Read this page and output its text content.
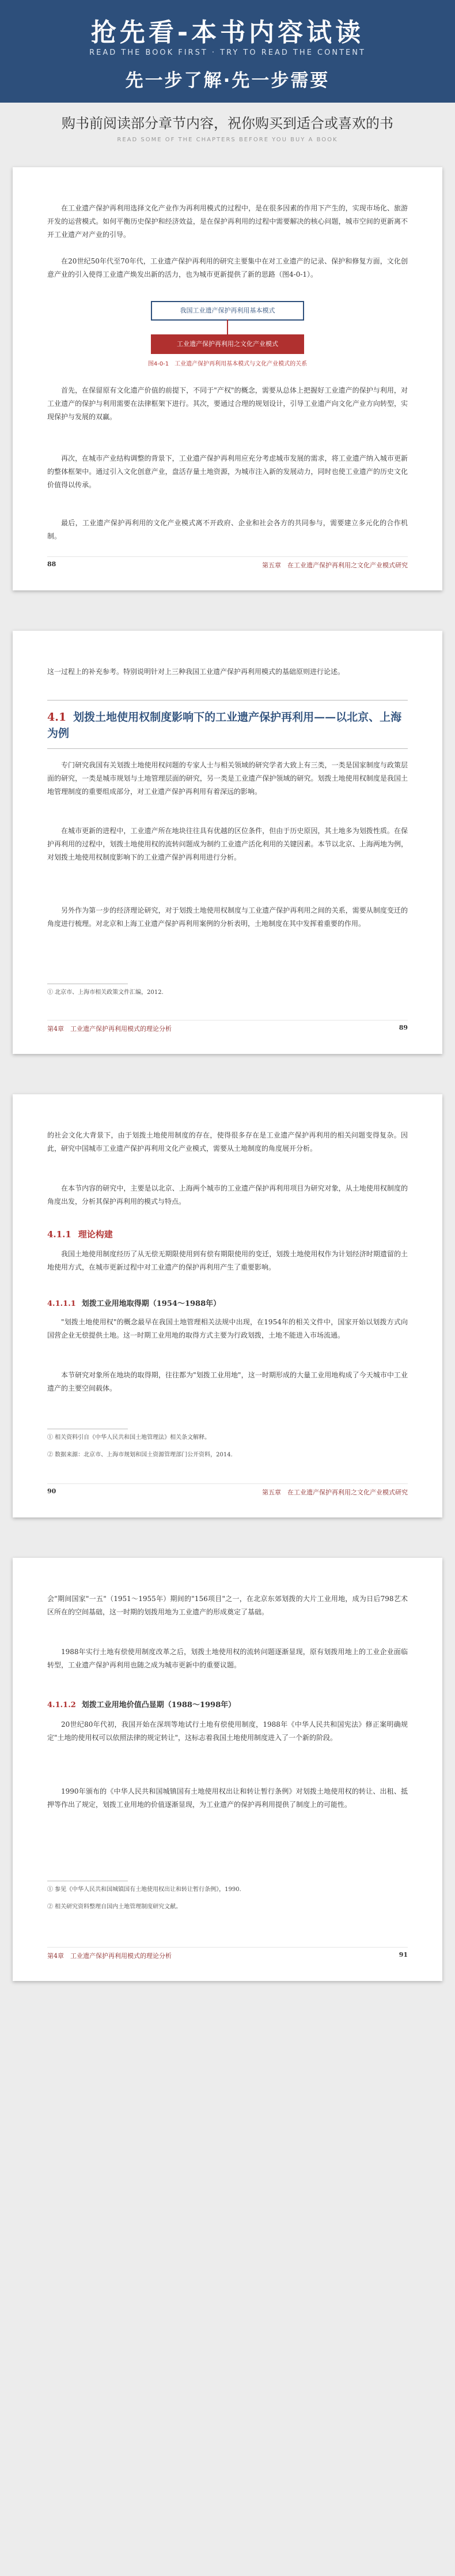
抢先看-本书内容试读
READ THE BOOK FIRST · TRY TO READ THE CONTENT
先一步了解·先一步需要
购书前阅读部分章节内容，祝你购买到适合或喜欢的书
READ SOME OF THE CHAPTERS BEFORE YOU BUY A BOOK

在工业遗产保护再利用选择文化产业作为再利用模式的过程中，是在很多因素的作用下产生的，实现市场化、旅游开发的运营模式。如何平衡历史保护和经济效益，是在保护再利用的过程中需要解决的核心问题，城市空间的更新离不开工业遗产对产业的引导。

在20世纪50年代至70年代，工业遗产保护再利用的研究主要集中在对工业遗产的记录、保护和修复方面，文化创意产业的引入使得工业遗产焕发出新的活力，也为城市更新提供了新的思路（图4-0-1）。

我国工业遗产保护再利用基本模式
工业遗产保护再利用之文化产业模式
图4-0-1　工业遗产保护再利用基本模式与文化产业模式的关系

首先，在保留原有文化遗产价值的前提下，不同于"产权"的概念，需要从总体上把握好工业遗产的保护与利用，对工业遗产的保护与利用需要在法律框架下进行。其次，要通过合理的规划设计，引导工业遗产向文化产业方向转型，实现保护与发展的双赢。

再次，在城市产业结构调整的背景下，工业遗产保护再利用应充分考虑城市发展的需求，将工业遗产纳入城市更新的整体框架中。通过引入文化创意产业，盘活存量土地资源，为城市注入新的发展动力，同时也使工业遗产的历史文化价值得以传承。

最后，工业遗产保护再利用的文化产业模式离不开政府、企业和社会各方的共同参与，需要建立多元化的合作机制。

88	第五章　在工业遗产保护再利用之文化产业模式研究

这一过程上的补充参考。特别说明针对上三种我国工业遗产保护再利用模式的基础原则进行论述。

4.1 划拨土地使用权制度影响下的工业遗产保护再利用——以北京、上海为例

专门研究我国有关划拨土地使用权问题的专家人士与相关领域的研究学者大致上有三类，一类是国家制度与政策层面的研究，一类是城市规划与土地管理层面的研究，另一类是工业遗产保护领域的研究。划拨土地使用权制度是我国土地管理制度的重要组成部分，对工业遗产保护再利用有着深远的影响。

在城市更新的进程中，工业遗产所在地块往往具有优越的区位条件，但由于历史原因，其土地多为划拨性质。在保护再利用的过程中，划拨土地使用权的流转问题成为制约工业遗产活化利用的关键因素。本节以北京、上海两地为例，对划拨土地使用权制度影响下的工业遗产保护再利用进行分析。

另外作为第一步的经济理论研究，对于划拨土地使用权制度与工业遗产保护再利用之间的关系，需要从制度变迁的角度进行梳理。对北京和上海工业遗产保护再利用案例的分析表明，土地制度在其中发挥着重要的作用。

① 北京市、上海市相关政策文件汇编，2012.

第4章　工业遗产保护再利用模式的理论分析	89

的社会文化大背景下，由于划拨土地使用制度的存在，使得很多存在是工业遗产保护再利用的相关问题变得复杂。因此，研究中国城市工业遗产保护再利用文化产业模式，需要从土地制度的角度展开分析。

在本节内容的研究中，主要是以北京、上海两个城市的工业遗产保护再利用项目为研究对象，从土地使用权制度的角度出发，分析其保护再利用的模式与特点。

4.1.1 理论构建

我国土地使用制度经历了从无偿无期限使用到有偿有期限使用的变迁，划拨土地使用权作为计划经济时期遗留的土地使用方式，在城市更新过程中对工业遗产的保护再利用产生了重要影响。

4.1.1.1 划拨工业用地取得期（1954～1988年）

"划拨土地使用权"的概念最早在我国土地管理相关法规中出现，在1954年的相关文件中，国家开始以划拨方式向国营企业无偿提供土地。这一时期工业用地的取得方式主要为行政划拨，土地不能进入市场流通。

本节研究对象所在地块的取得期，往往都为"划拨工业用地"，这一时期形成的大量工业用地构成了今天城市中工业遗产的主要空间载体。

① 相关资料引自《中华人民共和国土地管理法》相关条文解释。

② 数据来源：北京市、上海市规划和国土资源管理部门公开资料，2014.

90	第五章　在工业遗产保护再利用之文化产业模式研究

会"期间国家"一五"（1951～1955年）期间的"156项目"之一，在北京东郊划拨的大片工业用地，成为日后798艺术区所在的空间基础，这一时期的划拨用地为工业遗产的形成奠定了基础。

1988年实行土地有偿使用制度改革之后，划拨土地使用权的流转问题逐渐显现，原有划拨用地上的工业企业面临转型，工业遗产保护再利用也随之成为城市更新中的重要议题。

4.1.1.2 划拨工业用地价值凸显期（1988～1998年）

20世纪80年代初，我国开始在深圳等地试行土地有偿使用制度，1988年《中华人民共和国宪法》修正案明确规定"土地的使用权可以依照法律的规定转让"，这标志着我国土地使用制度进入了一个新的阶段。

1990年颁布的《中华人民共和国城镇国有土地使用权出让和转让暂行条例》对划拨土地使用权的转让、出租、抵押等作出了规定，划拨工业用地的价值逐渐显现，为工业遗产的保护再利用提供了制度上的可能性。

① 参见《中华人民共和国城镇国有土地使用权出让和转让暂行条例》，1990.

② 相关研究资料整理自国内土地管理制度研究文献。

第4章　工业遗产保护再利用模式的理论分析	91
